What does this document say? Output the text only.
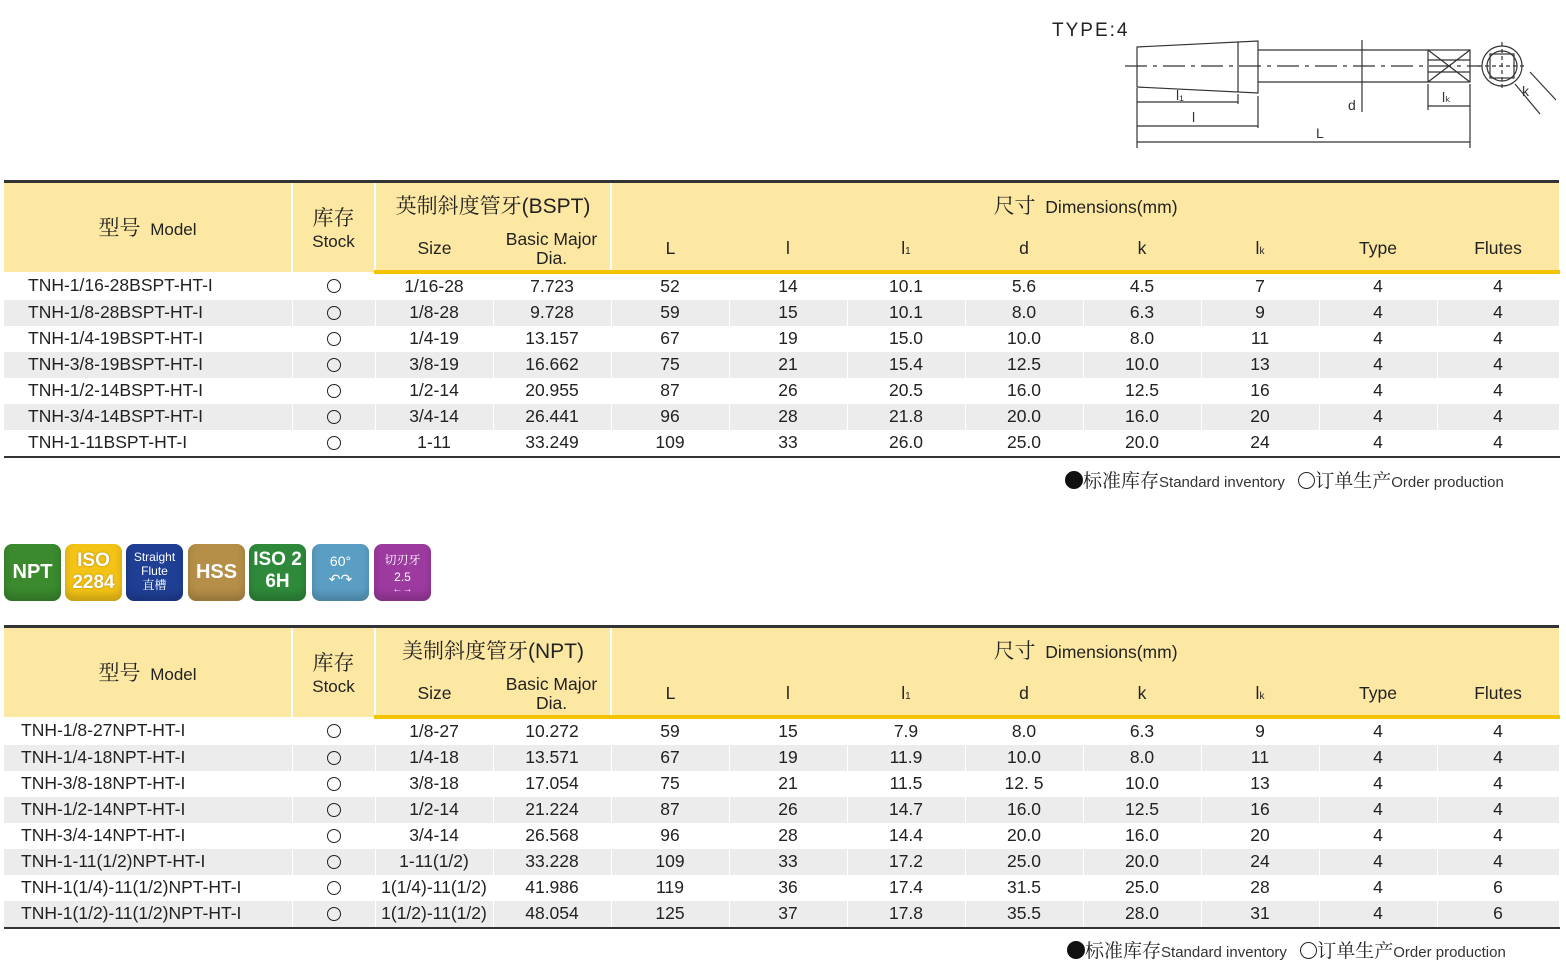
TYPE:4
l₁
l
L
d	lₖ	k
型号 Model	库存
Stock	英制斜度管牙(BSPT)		尺寸 Dimensions(mm)							
		Size	Basic Major
Dia.	L	l	l1	d	k	lk	Type	Flutes
TNH-1/16-28BSPT-HT-I		1/16-28	7.723	52	14	10.1	5.6	4.5	7	4	4
TNH-1/8-28BSPT-HT-I		1/8-28	9.728	59	15	10.1	8.0	6.3	9	4	4
TNH-1/4-19BSPT-HT-I		1/4-19	13.157	67	19	15.0	10.0	8.0	11	4	4
TNH-3/8-19BSPT-HT-I		3/8-19	16.662	75	21	15.4	12.5	10.0	13	4	4
TNH-1/2-14BSPT-HT-I		1/2-14	20.955	87	26	20.5	16.0	12.5	16	4	4
TNH-3/4-14BSPT-HT-I		3/4-14	26.441	96	28	21.8	20.0	16.0	20	4	4
TNH-1-11BSPT-HT-I		1-11	33.249	109	33	26.0	25.0	20.0	24	4	4
标准库存Standard inventory 订单生产Order production
NPT
ISO
2284
Straight
Flute
直槽
HSS
ISO 2
6H
60°
↶↷
切刃牙
2.5
←→
型号 Model	库存
Stock	美制斜度管牙(NPT)		尺寸 Dimensions(mm)							
		Size	Basic Major
Dia.	L	l	l1	d	k	lk	Type	Flutes
TNH-1/8-27NPT-HT-I		1/8-27	10.272	59	15	7.9	8.0	6.3	9	4	4
TNH-1/4-18NPT-HT-I		1/4-18	13.571	67	19	11.9	10.0	8.0	11	4	4
TNH-3/8-18NPT-HT-I		3/8-18	17.054	75	21	11.5	12. 5	10.0	13	4	4
TNH-1/2-14NPT-HT-I		1/2-14	21.224	87	26	14.7	16.0	12.5	16	4	4
TNH-3/4-14NPT-HT-I		3/4-14	26.568	96	28	14.4	20.0	16.0	20	4	4
TNH-1-11(1/2)NPT-HT-I		1-11(1/2)	33.228	109	33	17.2	25.0	20.0	24	4	4
TNH-1(1/4)-11(1/2)NPT-HT-I		1(1/4)-11(1/2)	41.986	119	36	17.4	31.5	25.0	28	4	6
TNH-1(1/2)-11(1/2)NPT-HT-I		1(1/2)-11(1/2)	48.054	125	37	17.8	35.5	28.0	31	4	6
标准库存Standard inventory 订单生产Order production
